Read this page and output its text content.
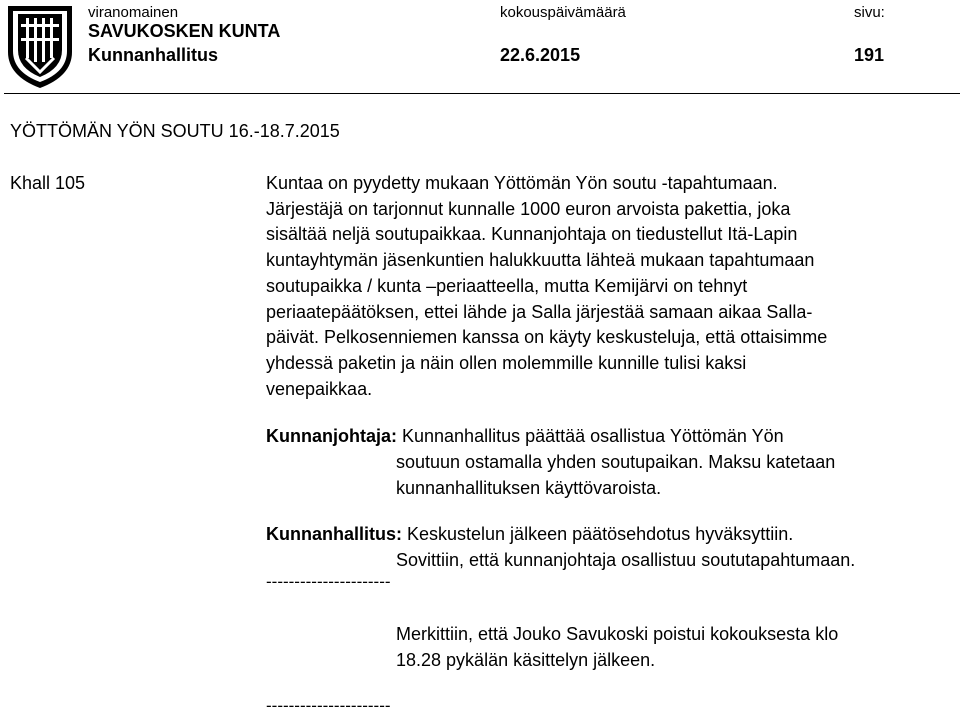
viranomainen	kokouspäivämäärä	sivu:
SAVUKOSKEN KUNTA
Kunnanhallitus	22.6.2015	191
YÖTTÖMÄN YÖN SOUTU 16.-18.7.2015
Khall 105	Kuntaa on pyydetty mukaan Yöttömän Yön soutu -tapahtumaan.
Järjestäjä on tarjonnut kunnalle 1000 euron arvoista pakettia, joka
sisältää neljä soutupaikkaa. Kunnanjohtaja on tiedustellut Itä-Lapin
kuntayhtymän jäsenkuntien halukkuutta lähteä mukaan tapahtumaan
soutupaikka / kunta –periaatteella, mutta Kemijärvi on tehnyt
periaatepäätöksen, ettei lähde ja Salla järjestää samaan aikaa Salla-
päivät. Pelkosenniemen kanssa on käyty keskusteluja, että ottaisimme
yhdessä paketin ja näin ollen molemmille kunnille tulisi kaksi
venepaikkaa.
Kunnanjohtaja: Kunnanhallitus päättää osallistua Yöttömän Yön
soutuun ostamalla yhden soutupaikan. Maksu katetaan
kunnanhallituksen käyttövaroista.
Kunnanhallitus: Keskustelun jälkeen päätösehdotus hyväksyttiin.
Sovittiin, että kunnanjohtaja osallistuu soututapahtumaan.
----------------------
Merkittiin, että Jouko Savukoski poistui kokouksesta klo
18.28 pykälän käsittelyn jälkeen.
----------------------
